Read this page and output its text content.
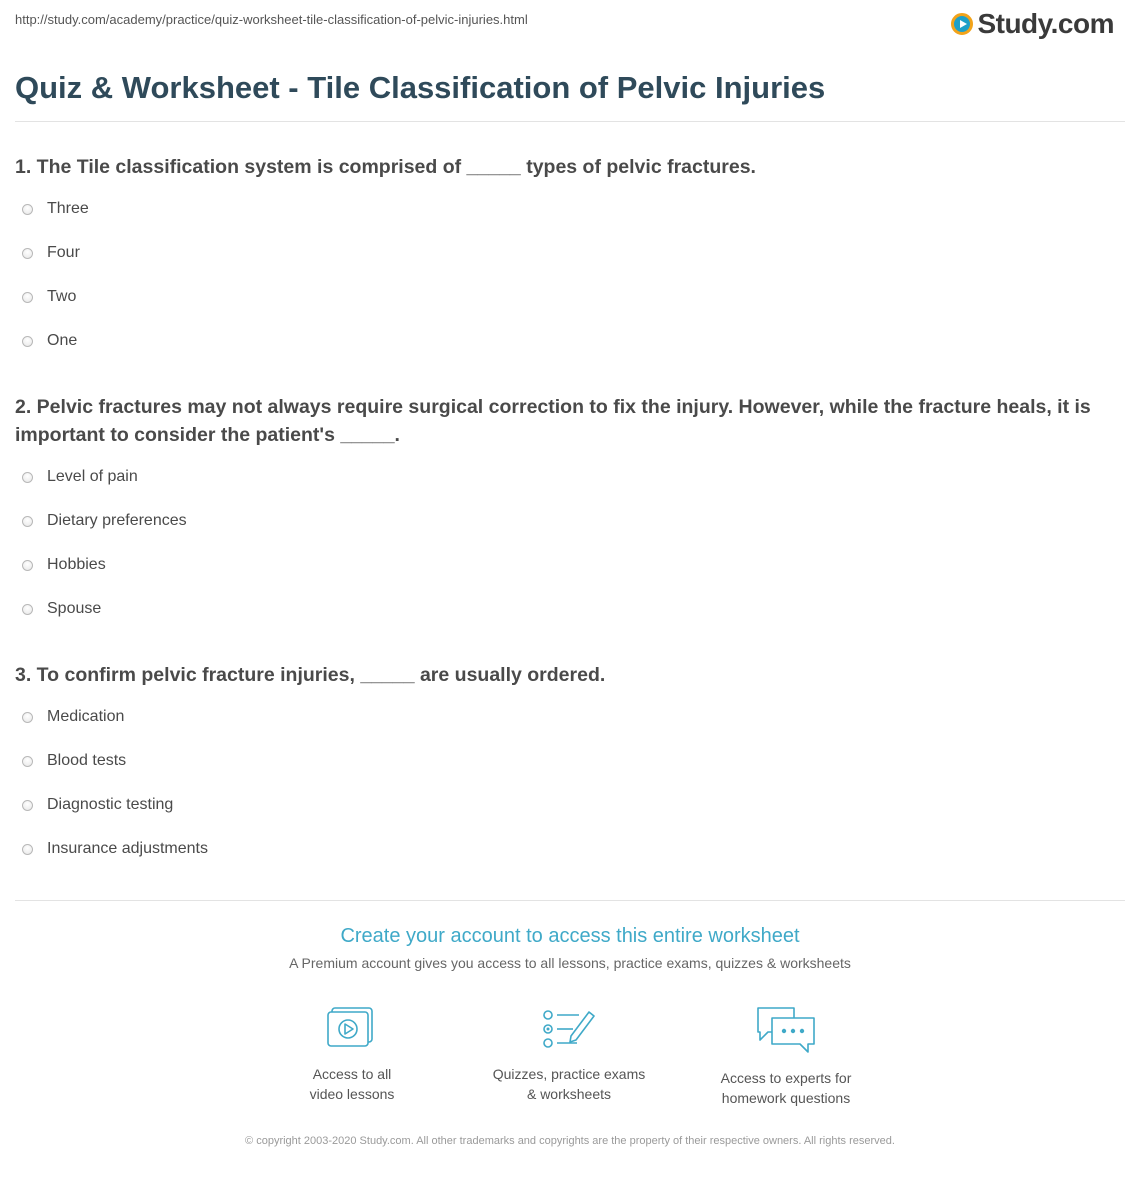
http://study.com/academy/practice/quiz-worksheet-tile-classification-of-pelvic-injuries.html	Study.com
Quiz & Worksheet - Tile Classification of Pelvic Injuries

1. The Tile classification system is comprised of _____ types of pelvic fractures.

Three
Four
Two
One

2. Pelvic fractures may not always require surgical correction to fix the injury. However, while the fracture heals, it is important to consider the patient's _____.

Level of pain
Dietary preferences
Hobbies
Spouse

3. To confirm pelvic fracture injuries, _____ are usually ordered.

Medication
Blood tests
Diagnostic testing
Insurance adjustments
Create your account to access this entire worksheet
A Premium account gives you access to all lessons, practice exams, quizzes & worksheets
Access to all
video lessons
Quizzes, practice exams
& worksheets
Access to experts for
homework questions
© copyright 2003-2020 Study.com. All other trademarks and copyrights are the property of their respective owners. All rights reserved.
